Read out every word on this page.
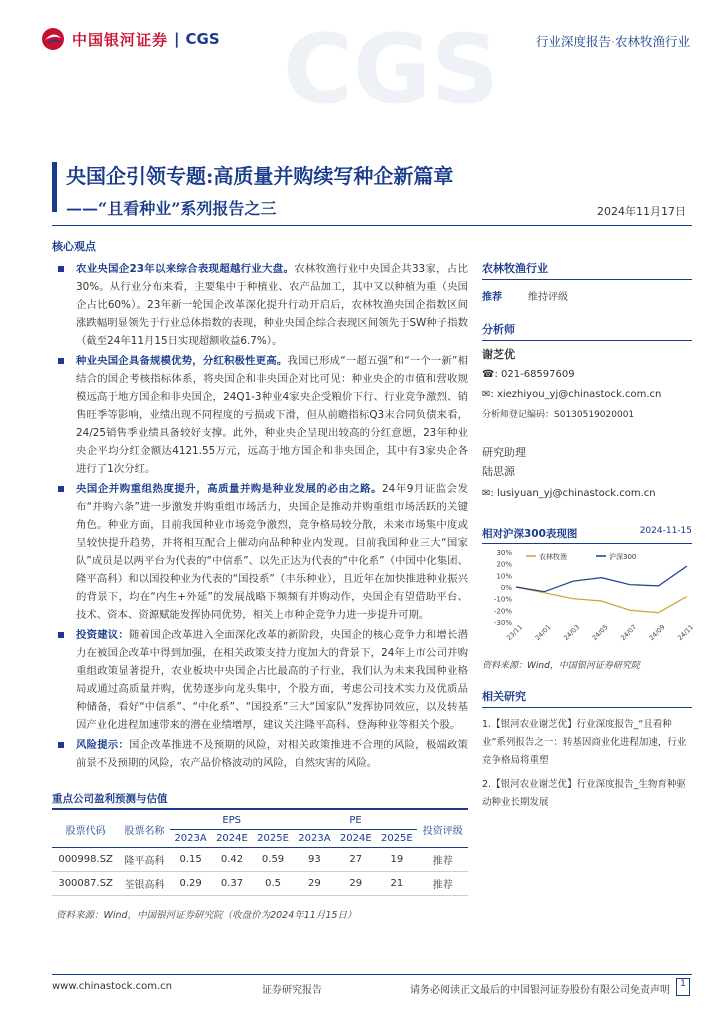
中国银河证券 | CGS CGS	行业深度报告·农林牧渔行业
央国企引领专题:高质量并购续写种企新篇章
——“且看种业”系列报告之三	2024年11月17日
核心观点
农业央国企23年以来综合表现超越行业大盘。农林牧渔行业中央国企共33家，占比30%。从行业分布来看，主要集中于种植业、农产品加工，其中又以种植为重（央国企占比60%）。23年新一轮国企改革深化提升行动开启后，农林牧渔央国企指数区间涨跌幅明显领先于行业总体指数的表现，种业央国企综合表现区间领先于SW种子指数（截至24年11月15日实现超额收益6.7%）。
种业央国企具备规模优势，分红积极性更高。我国已形成“一超五强”和“一个一新”相结合的国企考核指标体系，将央国企和非央国企对比可见：种业央企的市值和营收规模远高于地方国企和非央国企，24Q1-3种业4家央企受粮价下行、行业竞争激烈、销售旺季等影响，业绩出现不同程度的亏损或下滑，但从前瞻指标Q3末合同负债来看，24/25销售季业绩具备较好支撑。此外，种业央企呈现出较高的分红意愿，23年种业央企平均分红金额达4121.55万元，远高于地方国企和非央国企，其中有3家央企各进行了1次分红。
央国企并购重组热度提升，高质量并购是种业发展的必由之路。24年9月证监会发布“并购六条”进一步激发并购重组市场活力，央国企是推动并购重组市场活跃的关键角色。种业方面，目前我国种业市场竞争激烈，竞争格局较分散，未来市场集中度或呈较快提升趋势，并将相互配合上催动向品种种业内发现。目前我国种业三大“国家队”成员是以两平台为代表的“中信系”、以先正达为代表的“中化系”（中国中化集团、隆平高科）和以国投种业为代表的“国投系”（丰乐种业），且近年在加快推进种业振兴的背景下，均在“内生+外延”的发展战略下频频有并购动作，央国企有望借助平台、技术、资本、资源赋能发挥协同优势，相关上市种企竞争力进一步提升可期。
投资建议：随着国企改革进入全面深化改革的新阶段，央国企的核心竞争力和增长潜力在被国企改革中得到加强，在相关政策支持力度加大的背景下，24年上市公司并购重组政策显著提升，农业板块中央国企占比最高的子行业，我们认为未来我国种业格局或通过高质量并购，优势逐步向龙头集中，个股方面，考虑公司技术实力及优质品种储备，看好“中信系”、“中化系”、“国投系”三大“国家队”发挥协同效应，以及转基因产业化进程加速带来的潜在业绩增厚，建议关注隆平高科、登海种业等相关个股。
风险提示：国企改革推进不及预期的风险，对相关政策推进不合理的风险，极端政策前景不及预期的风险，农产品价格波动的风险，自然灾害的风险。
重点公司盈利预测与估值
股票代码	股票名称	EPS			PE			投资评级
		2023A	2024E	2025E	2023A	2024E	2025E	
000998.SZ	隆平高科	0.15	0.42	0.59	93	27	19	推荐
300087.SZ	荃银高科	0.29	0.37	0.5	29	29	21	推荐
资料来源：Wind，中国银河证券研究院（收盘价为2024年11月15日）
农林牧渔行业
推荐	维持评级
分析师
谢芝优
☎: 021-68597609
✉: xiezhiyou_yj@chinastock.com.cn
分析师登记编码：S0130519020001
研究助理
陆思源
✉: lusiyuan_yj@chinastock.com.cn
相对沪深300表现图	2024-11-15
30%
20%
10%
0%
-10%
-20%
-30%
23/11 24/01 24/03 24/05 24/07 24/09 24/11
农林牧渔	沪深300
资料来源：Wind，中国银河证券研究院
相关研究
1.【银河农业谢芝优】行业深度报告_“且看种业”系列报告之一：转基因商业化进程加速，行业竞争格局将重塑
2.【银河农业谢芝优】行业深度报告_生物育种驱动种业长期发展
www.chinastock.com.cn	证券研究报告	请务必阅读正文最后的中国银河证券股份有限公司免责声明
1
